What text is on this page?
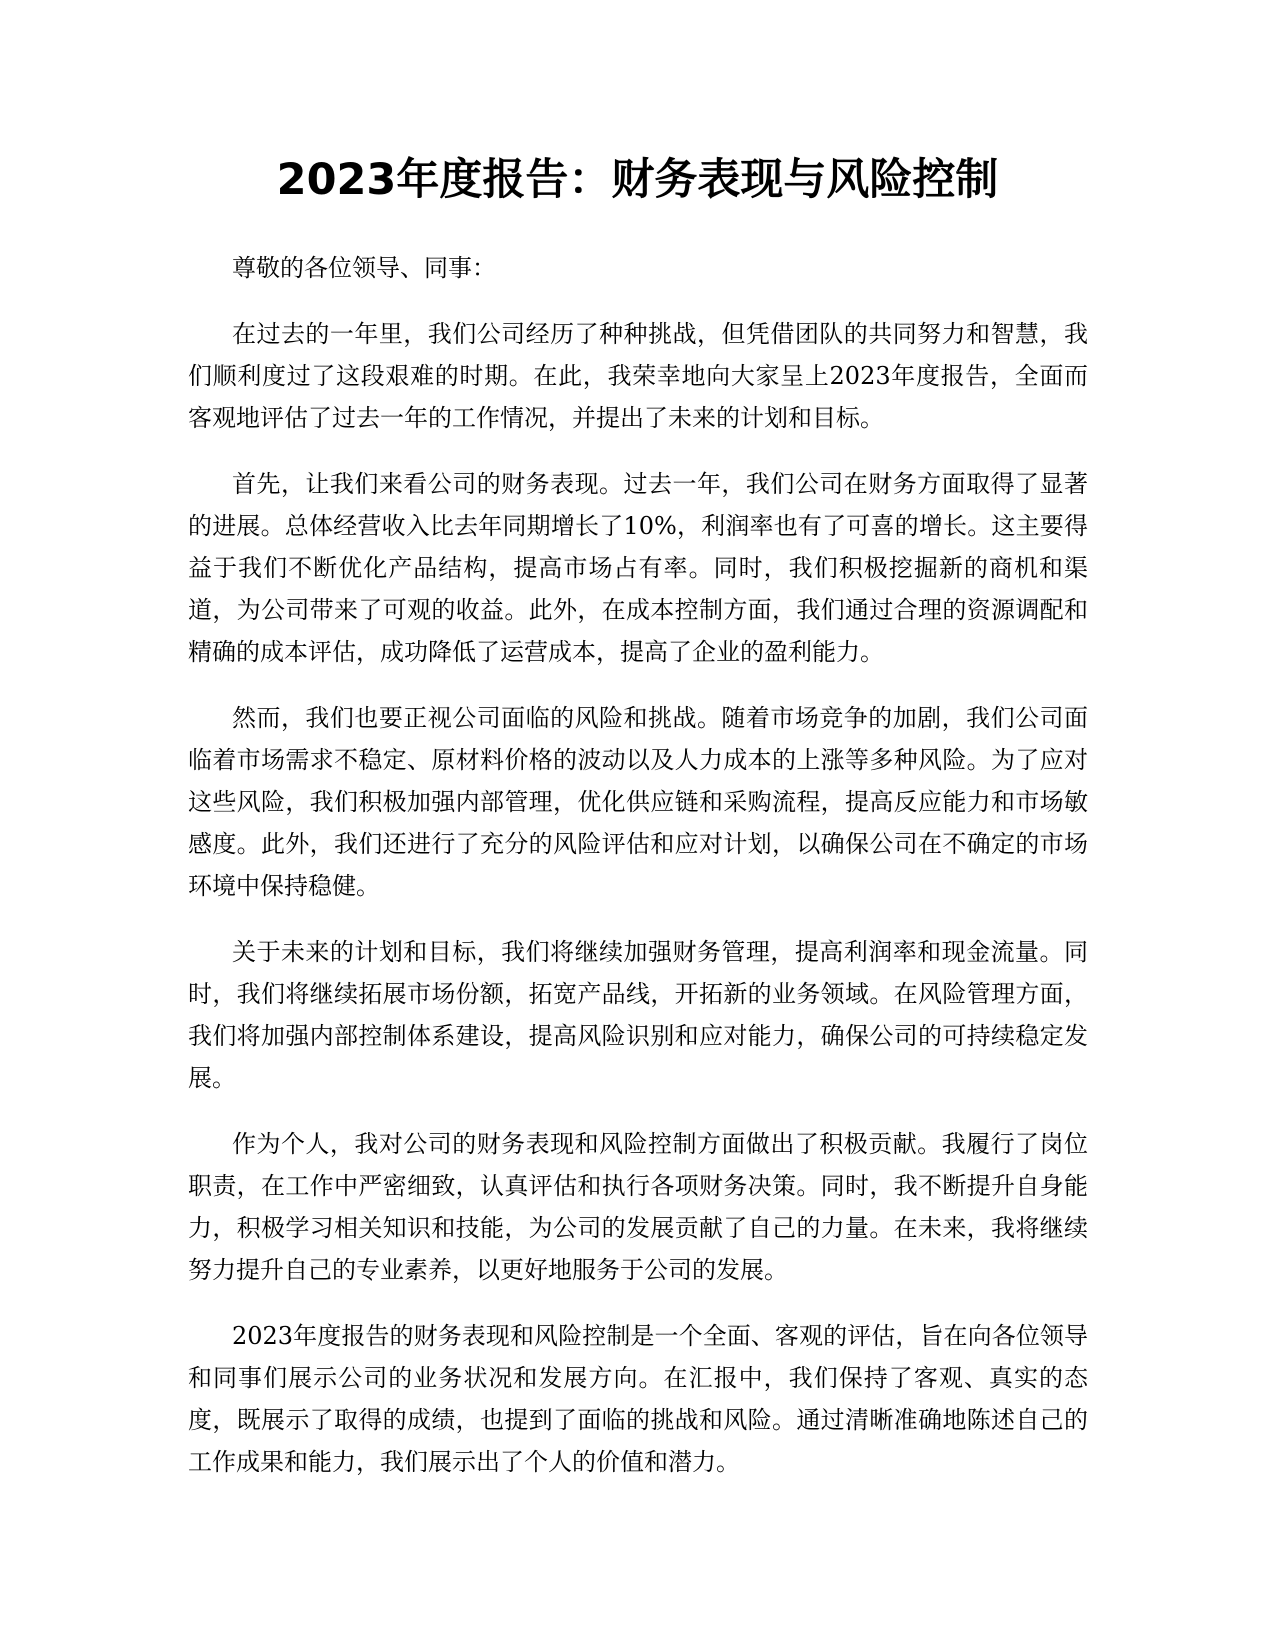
2023年度报告：财务表现与风险控制

尊敬的各位领导、同事：

在过去的一年里，我们公司经历了种种挑战，但凭借团队的共同努力和智慧，我们顺利度过了这段艰难的时期。在此，我荣幸地向大家呈上2023年度报告，全面而客观地评估了过去一年的工作情况，并提出了未来的计划和目标。

首先，让我们来看公司的财务表现。过去一年，我们公司在财务方面取得了显著的进展。总体经营收入比去年同期增长了10%，利润率也有了可喜的增长。这主要得益于我们不断优化产品结构，提高市场占有率。同时，我们积极挖掘新的商机和渠道，为公司带来了可观的收益。此外，在成本控制方面，我们通过合理的资源调配和精确的成本评估，成功降低了运营成本，提高了企业的盈利能力。

然而，我们也要正视公司面临的风险和挑战。随着市场竞争的加剧，我们公司面临着市场需求不稳定、原材料价格的波动以及人力成本的上涨等多种风险。为了应对这些风险，我们积极加强内部管理，优化供应链和采购流程，提高反应能力和市场敏感度。此外，我们还进行了充分的风险评估和应对计划，以确保公司在不确定的市场环境中保持稳健。

关于未来的计划和目标，我们将继续加强财务管理，提高利润率和现金流量。同时，我们将继续拓展市场份额，拓宽产品线，开拓新的业务领域。在风险管理方面，我们将加强内部控制体系建设，提高风险识别和应对能力，确保公司的可持续稳定发展。

作为个人，我对公司的财务表现和风险控制方面做出了积极贡献。我履行了岗位职责，在工作中严密细致，认真评估和执行各项财务决策。同时，我不断提升自身能力，积极学习相关知识和技能，为公司的发展贡献了自己的力量。在未来，我将继续努力提升自己的专业素养，以更好地服务于公司的发展。

2023年度报告的财务表现和风险控制是一个全面、客观的评估，旨在向各位领导和同事们展示公司的业务状况和发展方向。在汇报中，我们保持了客观、真实的态度，既展示了取得的成绩，也提到了面临的挑战和风险。通过清晰准确地陈述自己的工作成果和能力，我们展示出了个人的价值和潜力。
